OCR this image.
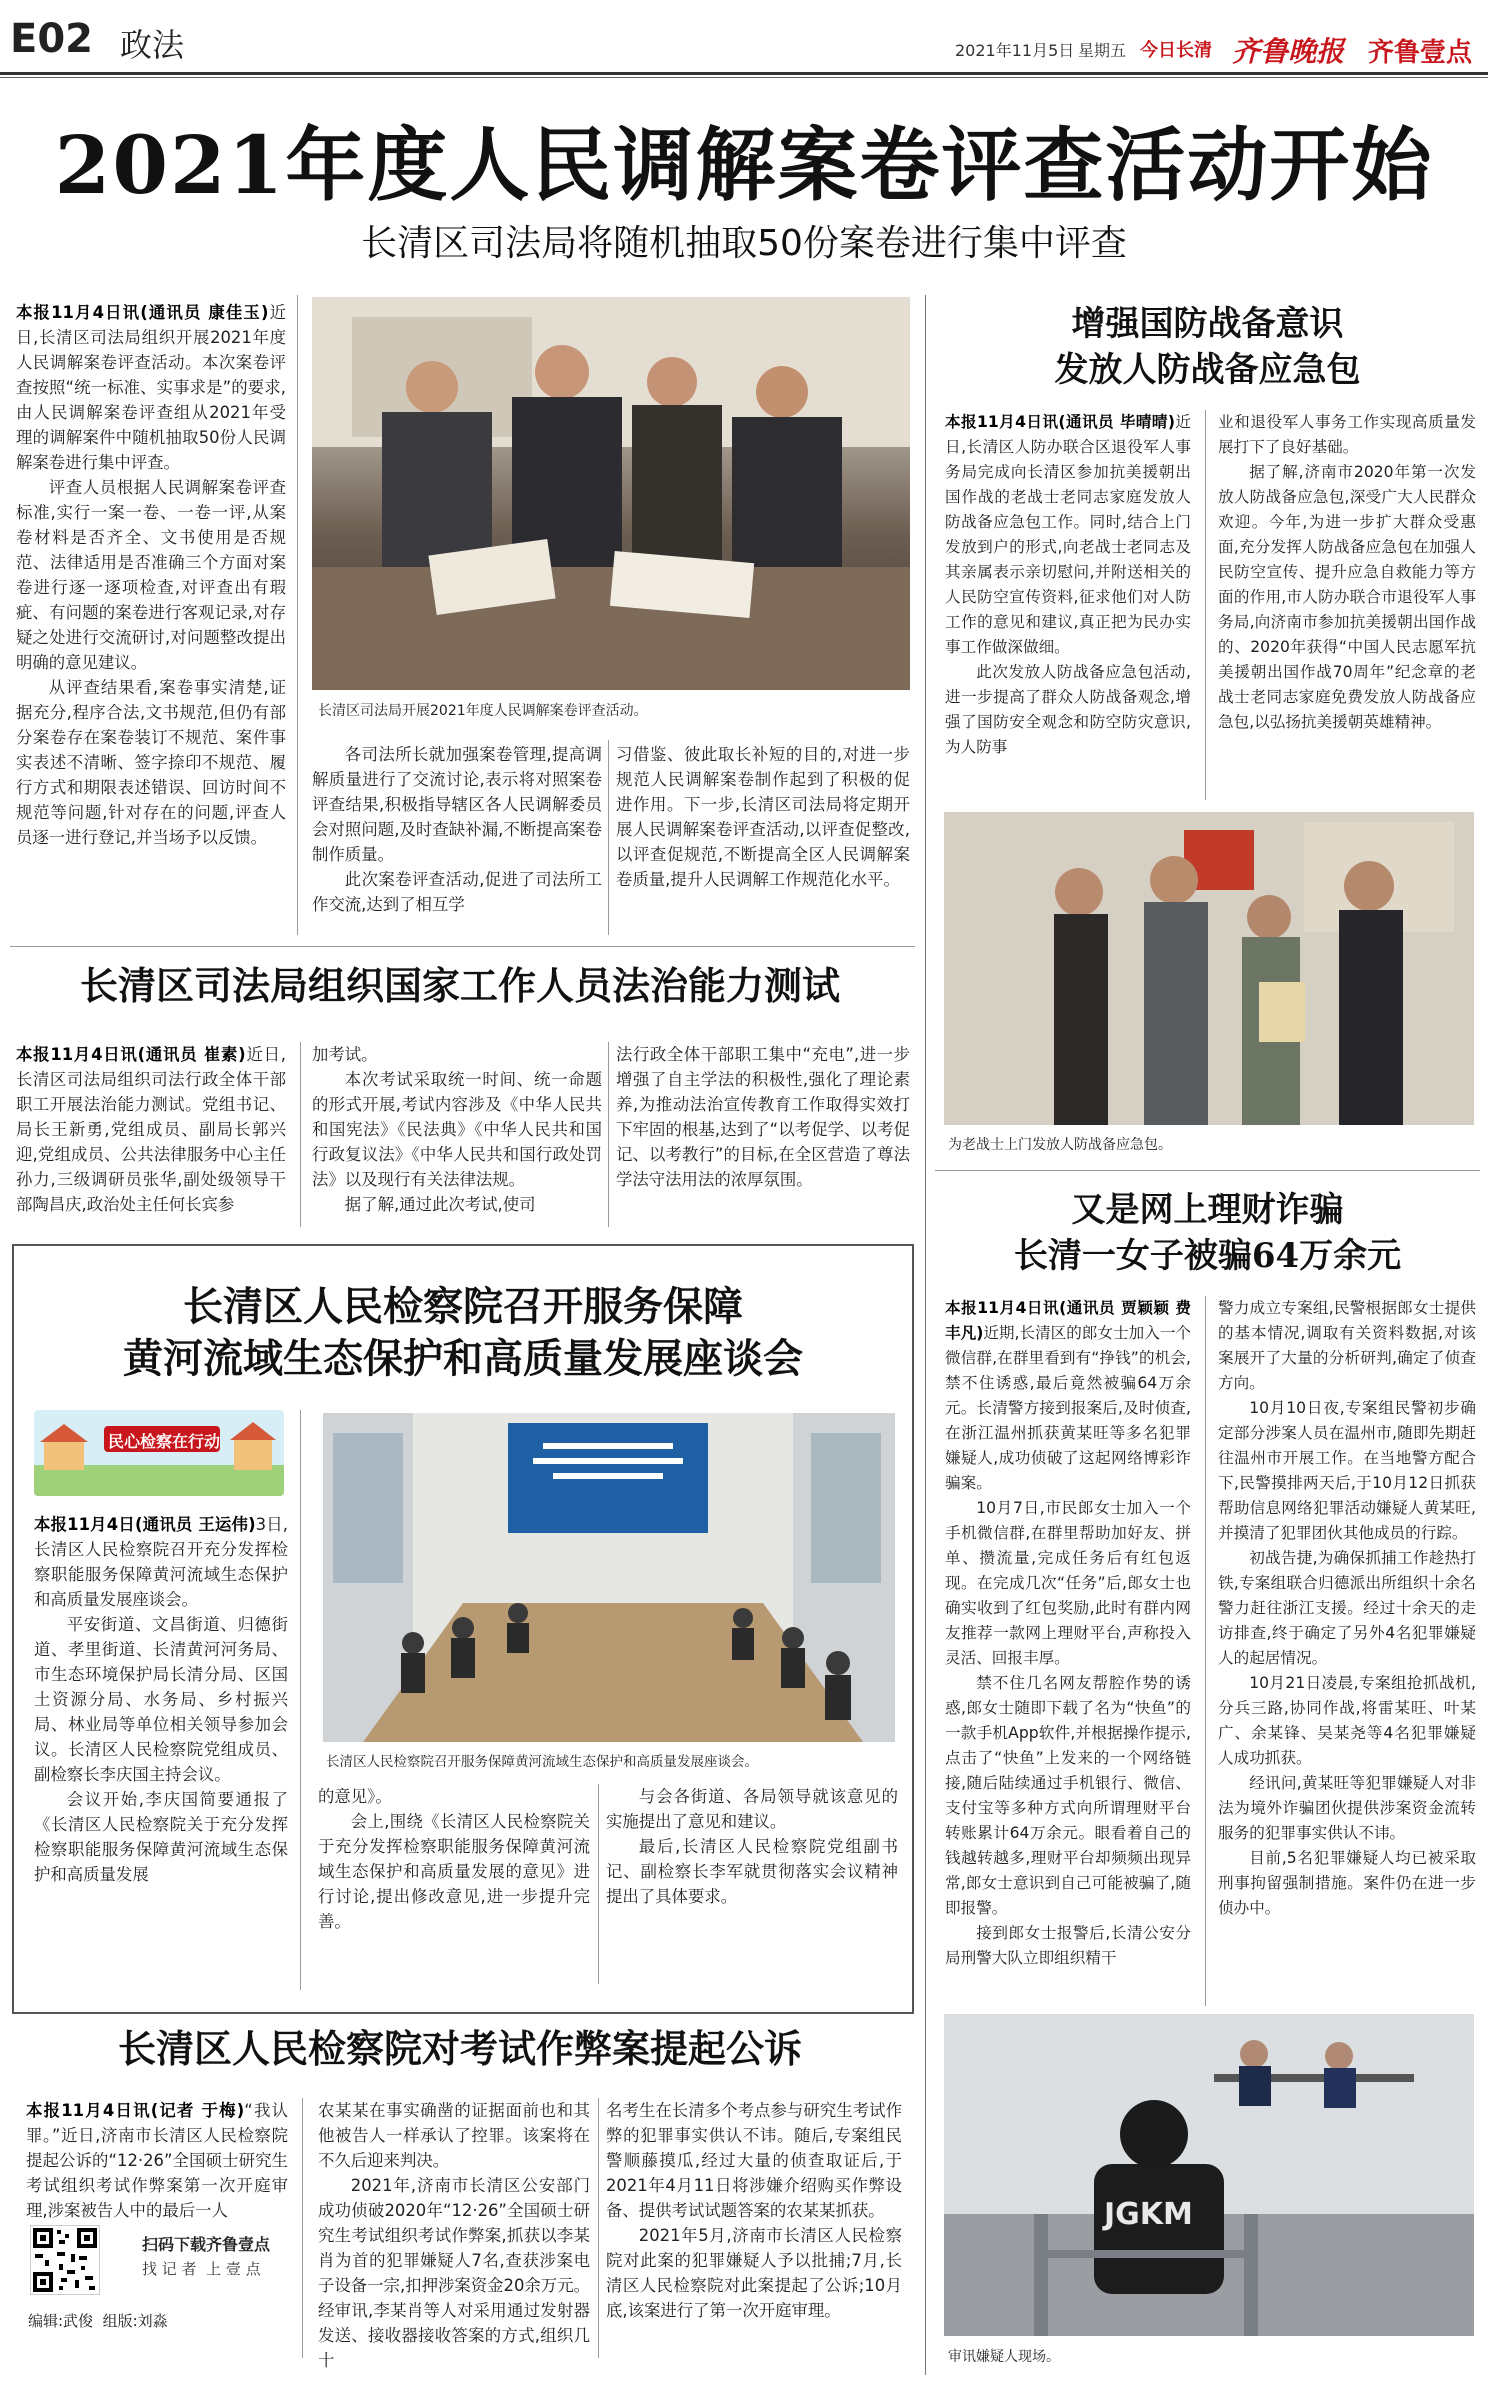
E02 政法	2021年11月5日 星期五 今日长清 齐鲁晚报 齐鲁壹点
2021年度人民调解案卷评查活动开始
长清区司法局将随机抽取50份案卷进行集中评查

本报11月4日讯(通讯员 康佳玉)近日,长清区司法局组织开展2021年度人民调解案卷评查活动。本次案卷评查按照“统一标准、实事求是”的要求,由人民调解案卷评查组从2021年受理的调解案件中随机抽取50份人民调解案卷进行集中评查。

评查人员根据人民调解案卷评查标准,实行一案一卷、一卷一评,从案卷材料是否齐全、文书使用是否规范、法律适用是否准确三个方面对案卷进行逐一逐项检查,对评查出有瑕疵、有问题的案卷进行客观记录,对存疑之处进行交流研讨,对问题整改提出明确的意见建议。

从评查结果看,案卷事实清楚,证据充分,程序合法,文书规范,但仍有部分案卷存在案卷装订不规范、案件事实表述不清晰、签字捺印不规范、履行方式和期限表述错误、回访时间不规范等问题,针对存在的问题,评查人员逐一进行登记,并当场予以反馈。

长清区司法局开展2021年度人民调解案卷评查活动。

各司法所长就加强案卷管理,提高调解质量进行了交流讨论,表示将对照案卷评查结果,积极指导辖区各人民调解委员会对照问题,及时查缺补漏,不断提高案卷制作质量。

此次案卷评查活动,促进了司法所工作交流,达到了相互学

习借鉴、彼此取长补短的目的,对进一步规范人民调解案卷制作起到了积极的促进作用。下一步,长清区司法局将定期开展人民调解案卷评查活动,以评查促整改,以评查促规范,不断提高全区人民调解案卷质量,提升人民调解工作规范化水平。

长清区司法局组织国家工作人员法治能力测试

本报11月4日讯(通讯员 崔素)近日,长清区司法局组织司法行政全体干部职工开展法治能力测试。党组书记、局长王新勇,党组成员、副局长郭兴迎,党组成员、公共法律服务中心主任孙力,三级调研员张华,副处级领导干部陶昌庆,政治处主任何长宾参

加考试。

本次考试采取统一时间、统一命题的形式开展,考试内容涉及《中华人民共和国宪法》《民法典》《中华人民共和国行政复议法》《中华人民共和国行政处罚法》以及现行有关法律法规。

据了解,通过此次考试,使司

法行政全体干部职工集中“充电”,进一步增强了自主学法的积极性,强化了理论素养,为推动法治宣传教育工作取得实效打下牢固的根基,达到了“以考促学、以考促记、以考教行”的目标,在全区营造了尊法学法守法用法的浓厚氛围。

长清区人民检察院召开服务保障
黄河流域生态保护和高质量发展座谈会
民心检察在行动

本报11月4日(通讯员 王运伟)3日,长清区人民检察院召开充分发挥检察职能服务保障黄河流域生态保护和高质量发展座谈会。

平安街道、文昌街道、归德街道、孝里街道、长清黄河河务局、市生态环境保护局长清分局、区国土资源分局、水务局、乡村振兴局、林业局等单位相关领导参加会议。长清区人民检察院党组成员、副检察长李庆国主持会议。

会议开始,李庆国简要通报了《长清区人民检察院关于充分发挥检察职能服务保障黄河流域生态保护和高质量发展

长清区人民检察院召开服务保障黄河流域生态保护和高质量发展座谈会。

的意见》。

会上,围绕《长清区人民检察院关于充分发挥检察职能服务保障黄河流域生态保护和高质量发展的意见》进行讨论,提出修改意见,进一步提升完善。

与会各街道、各局领导就该意见的实施提出了意见和建议。

最后,长清区人民检察院党组副书记、副检察长李军就贯彻落实会议精神提出了具体要求。

长清区人民检察院对考试作弊案提起公诉

本报11月4日讯(记者 于梅)“我认罪。”近日,济南市长清区人民检察院提起公诉的“12·26”全国硕士研究生考试组织考试作弊案第一次开庭审理,涉案被告人中的最后一人

扫码下载齐鲁壹点
找 记 者  上 壹 点
编辑:武俊  组版:刘淼

农某某在事实确凿的证据面前也和其他被告人一样承认了控罪。该案将在不久后迎来判决。

2021年,济南市长清区公安部门成功侦破2020年“12·26”全国硕士研究生考试组织考试作弊案,抓获以李某肖为首的犯罪嫌疑人7名,查获涉案电子设备一宗,扣押涉案资金20余万元。经审讯,李某肖等人对采用通过发射器发送、接收器接收答案的方式,组织几十

名考生在长清多个考点参与研究生考试作弊的犯罪事实供认不讳。随后,专案组民警顺藤摸瓜,经过大量的侦查取证后,于2021年4月11日将涉嫌介绍购买作弊设备、提供考试试题答案的农某某抓获。

2021年5月,济南市长清区人民检察院对此案的犯罪嫌疑人予以批捕;7月,长清区人民检察院对此案提起了公诉;10月底,该案进行了第一次开庭审理。

增强国防战备意识
发放人防战备应急包

本报11月4日讯(通讯员 毕晴晴)近日,长清区人防办联合区退役军人事务局完成向长清区参加抗美援朝出国作战的老战士老同志家庭发放人防战备应急包工作。同时,结合上门发放到户的形式,向老战士老同志及其亲属表示亲切慰问,并附送相关的人民防空宣传资料,征求他们对人防工作的意见和建议,真正把为民办实事工作做深做细。

此次发放人防战备应急包活动,进一步提高了群众人防战备观念,增强了国防安全观念和防空防灾意识,为人防事

业和退役军人事务工作实现高质量发展打下了良好基础。

据了解,济南市2020年第一次发放人防战备应急包,深受广大人民群众欢迎。今年,为进一步扩大群众受惠面,充分发挥人防战备应急包在加强人民防空宣传、提升应急自救能力等方面的作用,市人防办联合市退役军人事务局,向济南市参加抗美援朝出国作战的、2020年获得“中国人民志愿军抗美援朝出国作战70周年”纪念章的老战士老同志家庭免费发放人防战备应急包,以弘扬抗美援朝英雄精神。

为老战士上门发放人防战备应急包。
又是网上理财诈骗
长清一女子被骗64万余元

本报11月4日讯(通讯员 贾颖颖 费丰凡)近期,长清区的郎女士加入一个微信群,在群里看到有“挣钱”的机会,禁不住诱惑,最后竟然被骗64万余元。长清警方接到报案后,及时侦查,在浙江温州抓获黄某旺等多名犯罪嫌疑人,成功侦破了这起网络博彩诈骗案。

10月7日,市民郎女士加入一个手机微信群,在群里帮助加好友、拼单、攒流量,完成任务后有红包返现。在完成几次“任务”后,郎女士也确实收到了红包奖励,此时有群内网友推荐一款网上理财平台,声称投入灵活、回报丰厚。

禁不住几名网友帮腔作势的诱惑,郎女士随即下载了名为“快鱼”的一款手机App软件,并根据操作提示,点击了“快鱼”上发来的一个网络链接,随后陆续通过手机银行、微信、支付宝等多种方式向所谓理财平台转账累计64万余元。眼看着自己的钱越转越多,理财平台却频频出现异常,郎女士意识到自己可能被骗了,随即报警。

接到郎女士报警后,长清公安分局刑警大队立即组织精干

警力成立专案组,民警根据郎女士提供的基本情况,调取有关资料数据,对该案展开了大量的分析研判,确定了侦查方向。

10月10日夜,专案组民警初步确定部分涉案人员在温州市,随即先期赶往温州市开展工作。在当地警方配合下,民警摸排两天后,于10月12日抓获帮助信息网络犯罪活动嫌疑人黄某旺,并摸清了犯罪团伙其他成员的行踪。

初战告捷,为确保抓捕工作趁热打铁,专案组联合归德派出所组织十余名警力赶往浙江支援。经过十余天的走访排查,终于确定了另外4名犯罪嫌疑人的起居情况。

10月21日凌晨,专案组抢抓战机,分兵三路,协同作战,将雷某旺、叶某广、余某锋、吴某尧等4名犯罪嫌疑人成功抓获。

经讯问,黄某旺等犯罪嫌疑人对非法为境外诈骗团伙提供涉案资金流转服务的犯罪事实供认不讳。

目前,5名犯罪嫌疑人均已被采取刑事拘留强制措施。案件仍在进一步侦办中。

JGKM
审讯嫌疑人现场。
